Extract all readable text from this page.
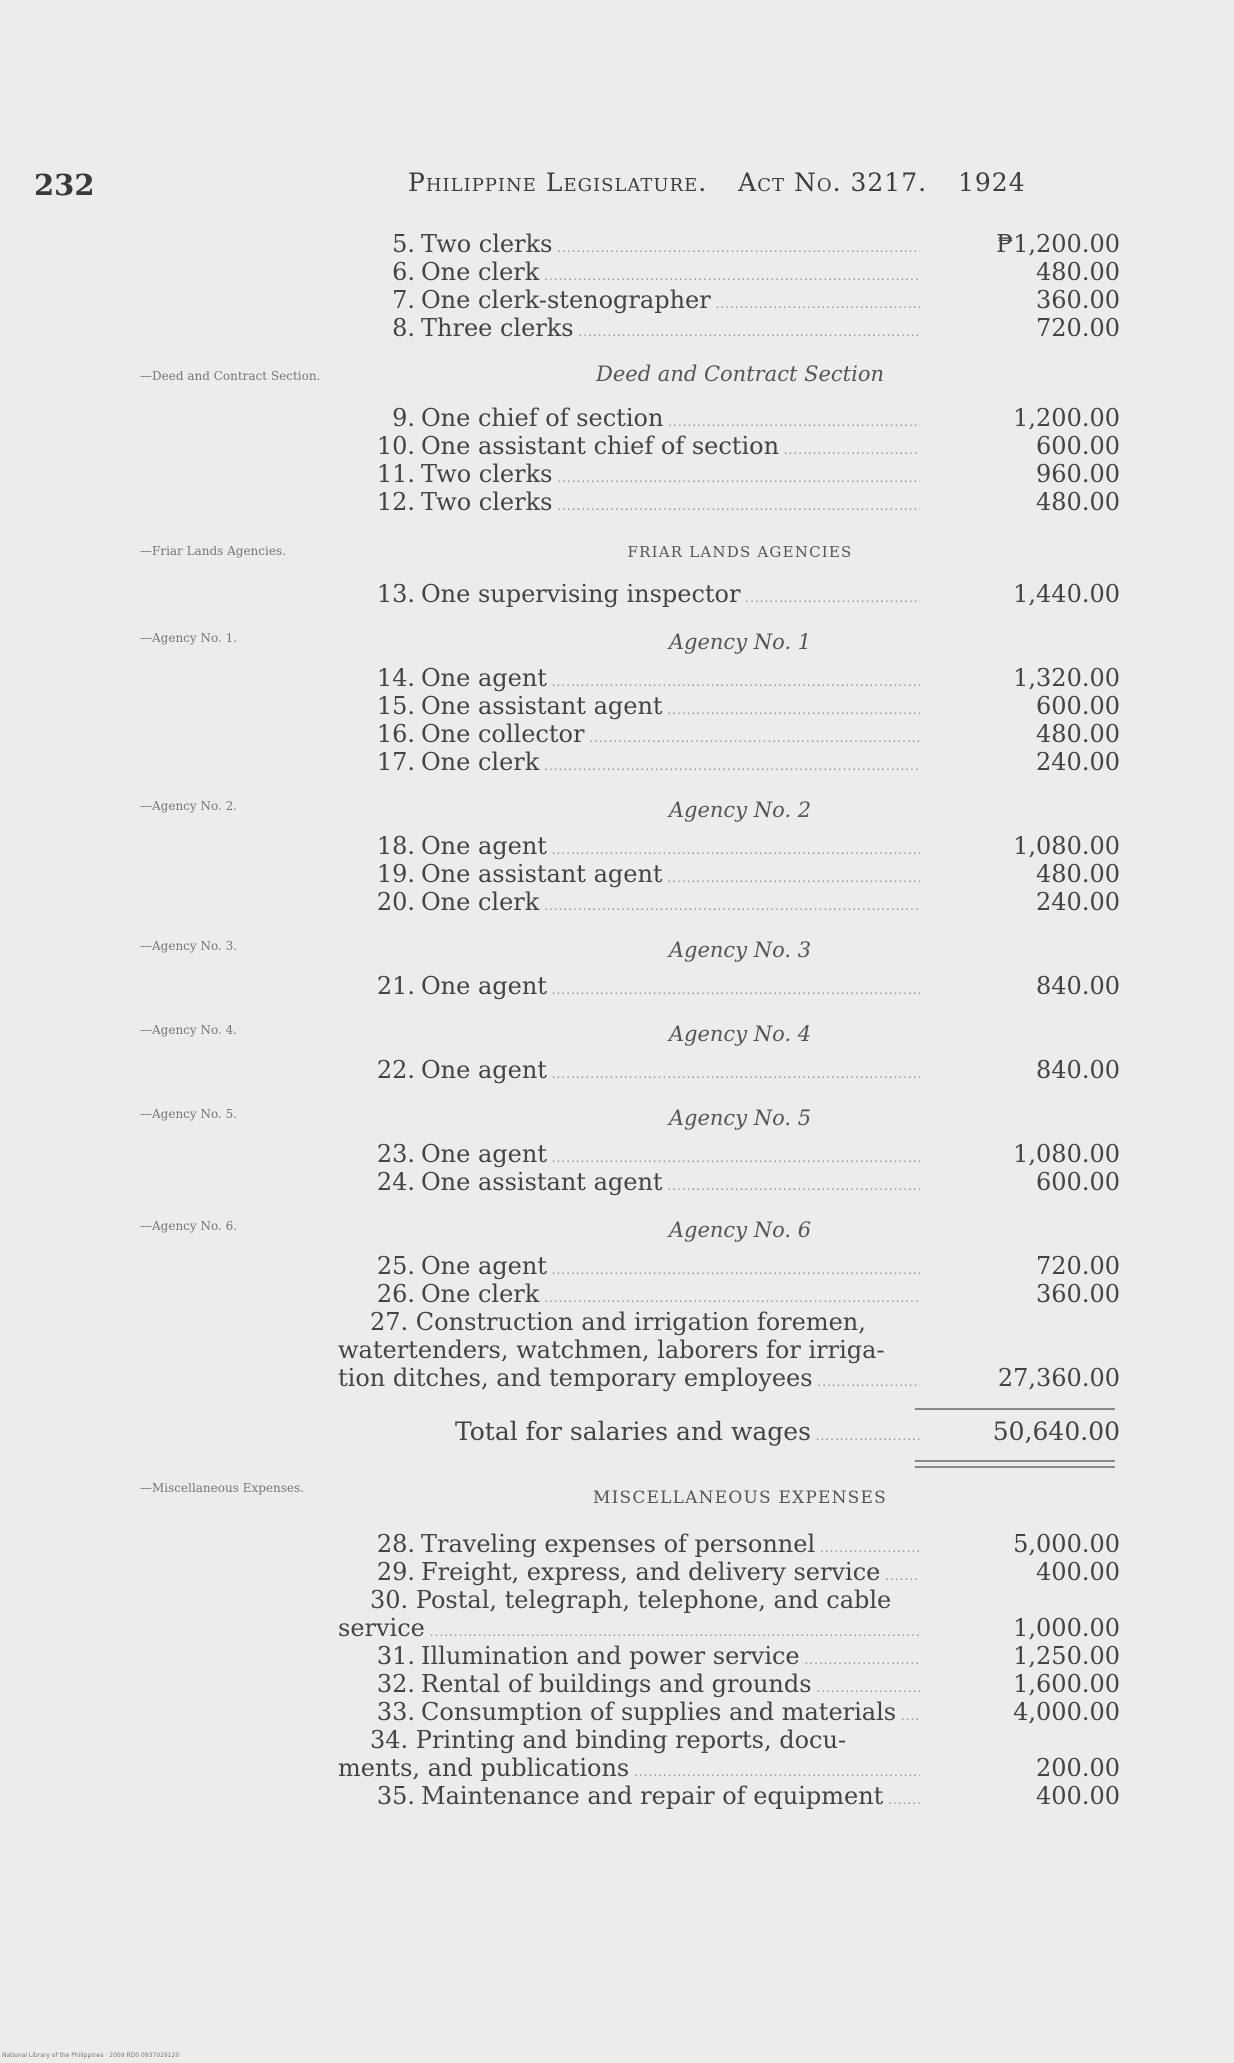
232	Philippine Legislature. Act No. 3217. 1924
5. Two clerks .....	₱1,200.00
6. One clerk .....	480.00
7. One clerk-stenographer .....	360.00
8. Three clerks .....	720.00
—Deed and Contract Section.	Deed and Contract Section
9. One chief of section .....	1,200.00
10. One assistant chief of section .....	600.00
11. Two clerks .....	960.00
12. Two clerks .....	480.00
—Friar Lands Agencies.	FRIAR LANDS AGENCIES
13. One supervising inspector .....	1,440.00
—Agency No. 1.	Agency No. 1
14. One agent .....	1,320.00
15. One assistant agent .....	600.00
16. One collector .....	480.00
17. One clerk .....	240.00
—Agency No. 2.	Agency No. 2
18. One agent .....	1,080.00
19. One assistant agent .....	480.00
20. One clerk .....	240.00
—Agency No. 3.	Agency No. 3
21. One agent .....	840.00
—Agency No. 4.	Agency No. 4
22. One agent .....	840.00
—Agency No. 5.	Agency No. 5
23. One agent .....	1,080.00
24. One assistant agent .....	600.00
—Agency No. 6.	Agency No. 6
25. One agent .....	720.00
26. One clerk .....	360.00
27. Construction and irrigation foremen,
watertenders, watchmen, laborers for irriga-
tion ditches, and temporary employees .....	27,360.00
Total for salaries and wages .....	50,640.00
—Miscellaneous Expenses.	MISCELLANEOUS EXPENSES
28. Traveling expenses of personnel .....	5,000.00
29. Freight, express, and delivery service .....	400.00
30. Postal, telegraph, telephone, and cable
service .....	1,000.00
31. Illumination and power service .....	1,250.00
32. Rental of buildings and grounds .....	1,600.00
33. Consumption of supplies and materials .....	4,000.00
34. Printing and binding reports, docu-
ments, and publications .....	200.00
35. Maintenance and repair of equipment .....	400.00
National Library of the Philippines · 2009 RD0 0937029120
